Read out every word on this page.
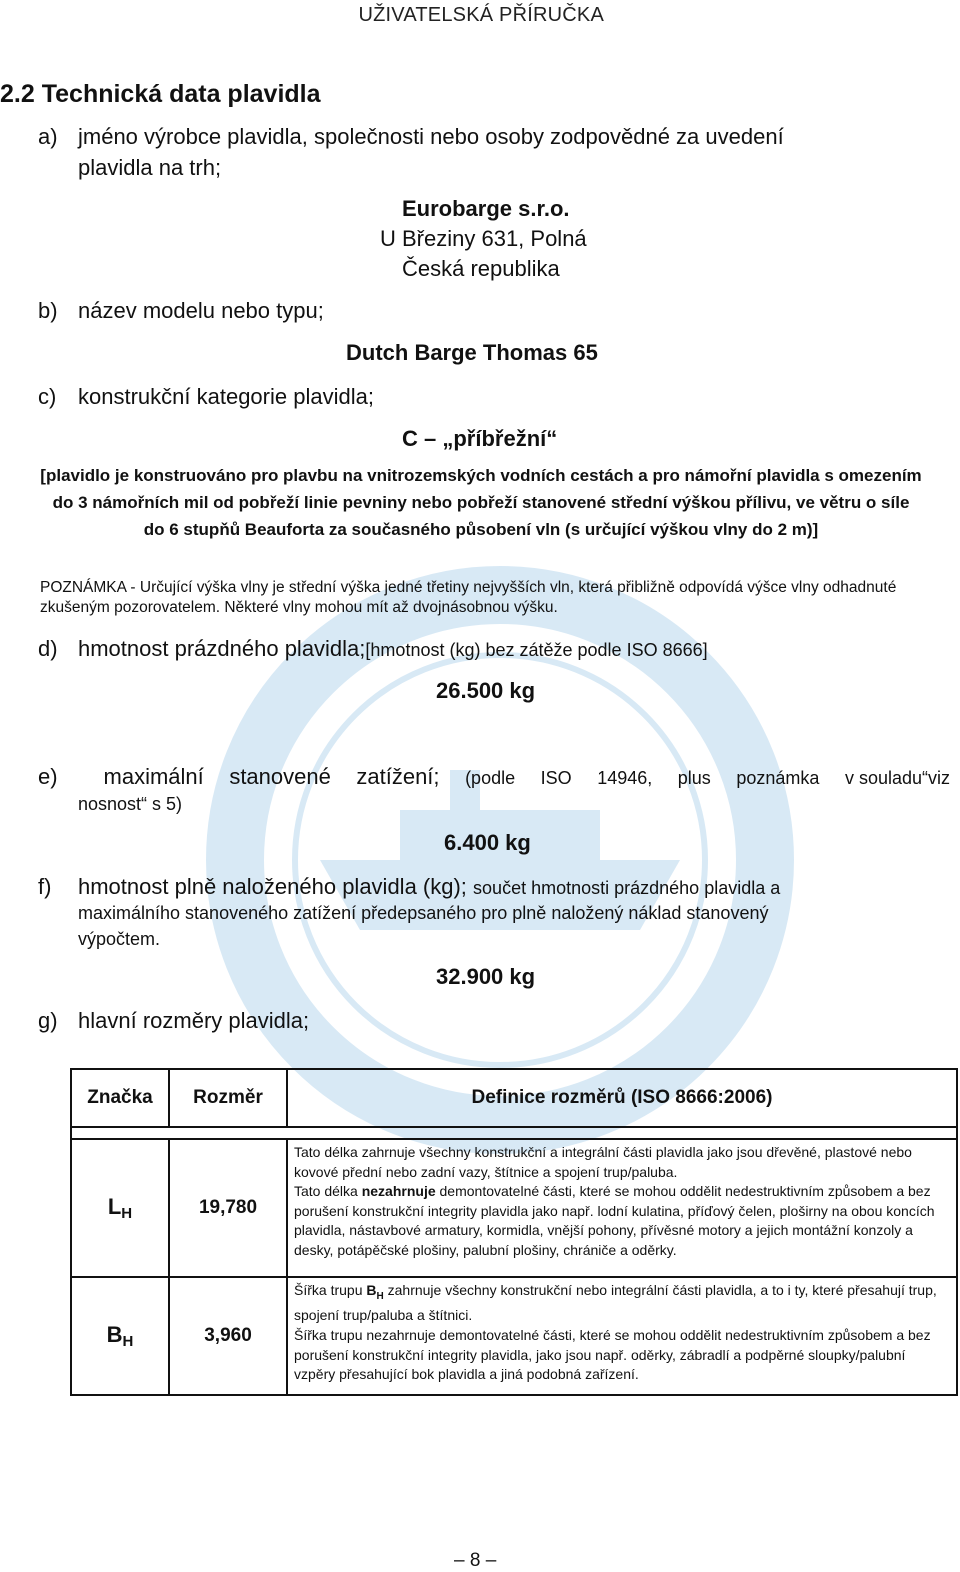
UŽIVATELSKÁ PŘÍRUČKA
2.2 Technická data plavidla
a) jméno výrobce plavidla, společnosti nebo osoby zodpovědné za uvedení
plavidla na trh;
Eurobarge s.r.o.
U Březiny 631, Polná
Česká republika
b) název modelu nebo typu;
Dutch Barge Thomas 65
c) konstrukční kategorie plavidla;
C – „příbřežní“
[plavidlo je konstruováno pro plavbu na vnitrozemských vodních cestách a pro námořní plavidla s omezením do 3 námořních mil od pobřeží linie pevniny nebo pobřeží stanovené střední výškou přílivu, ve větru o síle do 6 stupňů Beauforta za současného působení vln (s určující výškou vlny do 2 m)]
POZNÁMKA - Určující výška vlny je střední výška jedné třetiny nejvyšších vln, která přibližně odpovídá výšce vlny odhadnuté zkušeným pozorovatelem. Některé vlny mohou mít až dvojnásobnou výšku.
d) hmotnost prázdného plavidla;[hmotnost (kg) bez zátěže podle ISO 8666]
26.500 kg
e)	maximální stanovené zatížení; (podle ISO 14946, plus poznámka v souladu“viz
nosnost“ s 5)
6.400 kg
f) hmotnost plně naloženého plavidla (kg); součet hmotnosti prázdného plavidla a
maximálního stanoveného zatížení předepsaného pro plně naložený náklad stanovený
výpočtem.
32.900 kg
g) hlavní rozměry plavidla;
Značka	Rozměr	Definice rozměrů (ISO 8666:2006)

$L_H$	19,780	Tato délka zahrnuje všechny konstrukční a integrální části plavidla jako jsou dřevěné, plastové nebo kovové přední nebo zadní vazy, štítnice a spojení trup/paluba.
Tato délka nezahrnuje demontovatelné části, které se mohou oddělit nedestruktivním způsobem a bez porušení konstrukční integrity plavidla jako např. lodní kulatina, příďový čelen, ploširny na obou koncích plavidla, nástavbové armatury, kormidla, vnější pohony, přívěsné motory a jejich montážní konzoly a desky, potápěčské plošiny, palubní plošiny, chrániče a oděrky.

$B_H$	3,960	Šířka trupu $B_H$ zahrnuje všechny konstrukční nebo integrální části plavidla, a to i ty, které přesahují trup, spojení trup/paluba a štítnici.
Šířka trupu nezahrnuje demontovatelné části, které se mohou oddělit nedestruktivním způsobem a bez porušení konstrukční integrity plavidla, jako jsou např. oděrky, zábradlí a podpěrné sloupky/palubní vzpěry přesahující bok plavidla a jiná podobná zařízení.
– 8 –
